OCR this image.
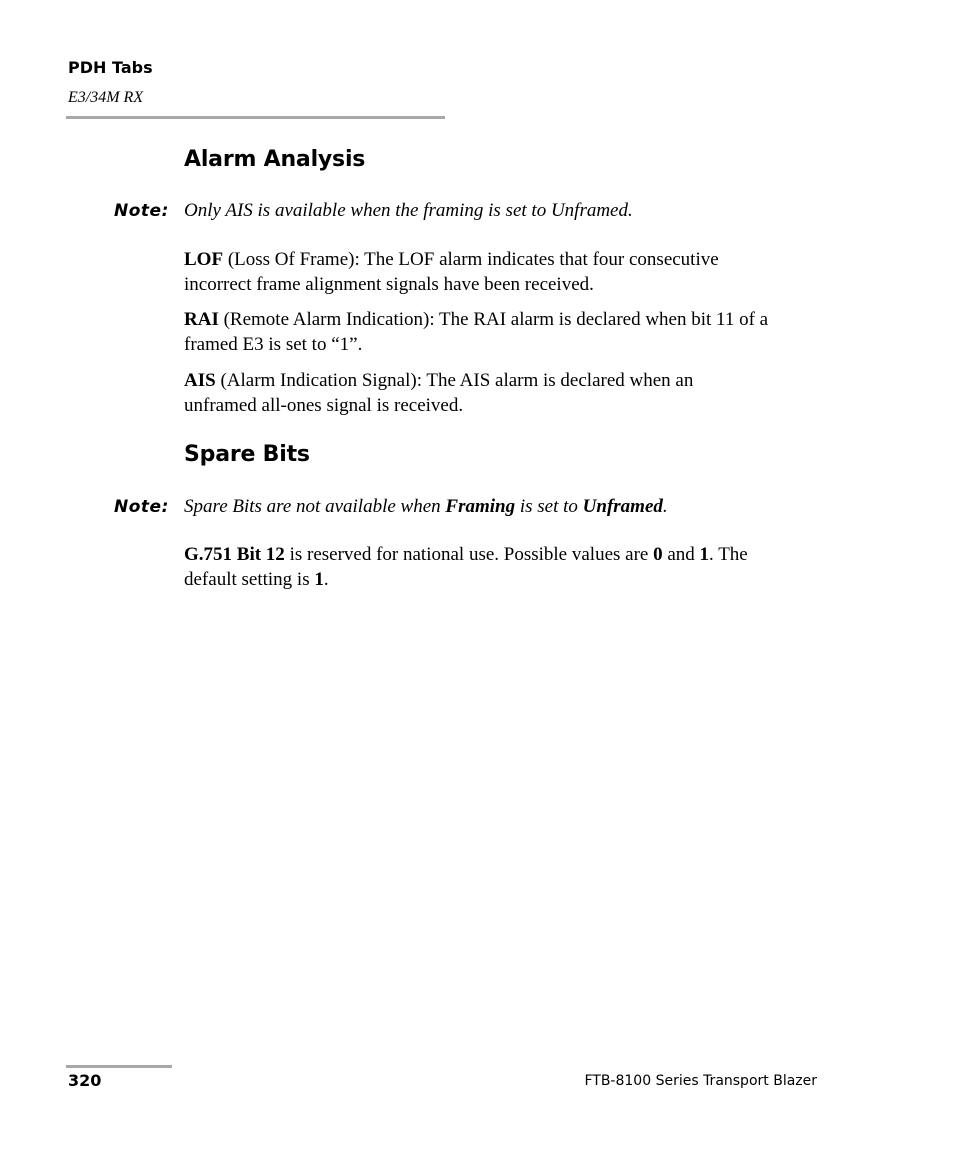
PDH Tabs
E3/34M RX
Alarm Analysis
Note: Only AIS is available when the framing is set to Unframed.
LOF (Loss Of Frame): The LOF alarm indicates that four consecutive
incorrect frame alignment signals have been received.
RAI (Remote Alarm Indication): The RAI alarm is declared when bit 11 of a
framed E3 is set to “1”.
AIS (Alarm Indication Signal): The AIS alarm is declared when an
unframed all-ones signal is received.
Spare Bits
Note: Spare Bits are not available when Framing is set to Unframed.
G.751 Bit 12 is reserved for national use. Possible values are 0 and 1. The
default setting is 1.
320	FTB-8100 Series Transport Blazer
